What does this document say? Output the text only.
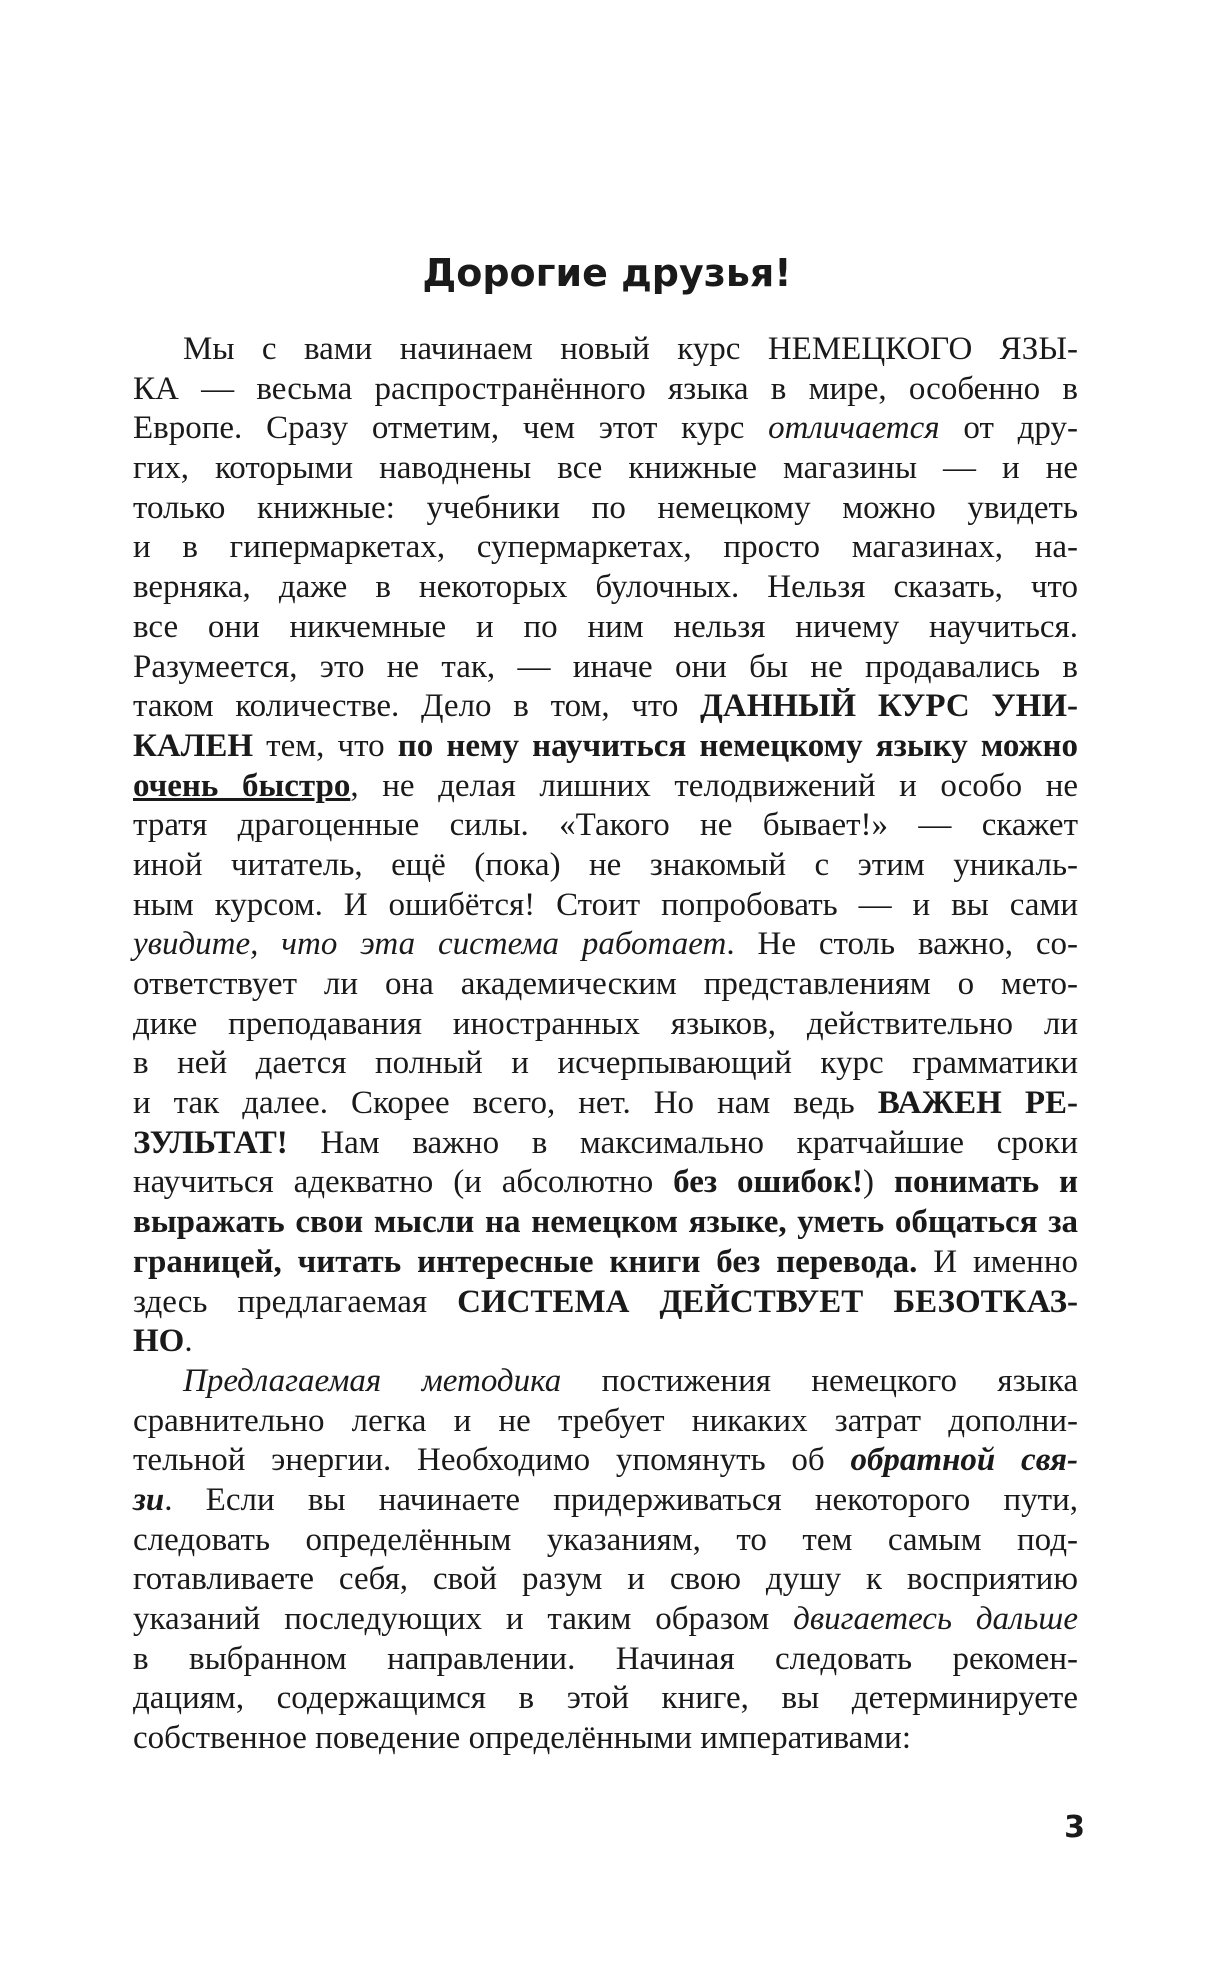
Дорогие друзья!
Мы с вами начинаем новый курс НЕМЕЦКОГО ЯЗЫ-
КА — весьма распространённого языка в мире, особенно в
Европе. Сразу отметим, чем этот курс отличается от дру-
гих, которыми наводнены все книжные магазины — и не
только книжные: учебники по немецкому можно увидеть
и в гипермаркетах, супермаркетах, просто магазинах, на-
верняка, даже в некоторых булочных. Нельзя сказать, что
все они никчемные и по ним нельзя ничему научиться.
Разумеется, это не так, — иначе они бы не продавались в
таком количестве. Дело в том, что ДАННЫЙ КУРС УНИ-
КАЛЕН тем, что по нему научиться немецкому языку можно
очень быстро, не делая лишних телодвижений и особо не
тратя драгоценные силы. «Такого не бывает!» — скажет
иной читатель, ещё (пока) не знакомый с этим уникаль-
ным курсом. И ошибётся! Стоит попробовать — и вы сами
увидите, что эта система работает. Не столь важно, со-
ответствует ли она академическим представлениям о мето-
дике преподавания иностранных языков, действительно ли
в ней дается полный и исчерпывающий курс грамматики
и так далее. Скорее всего, нет. Но нам ведь ВАЖЕН РЕ-
ЗУЛЬТАТ! Нам важно в максимально кратчайшие сроки
научиться адекватно (и абсолютно без ошибок!) понимать и
выражать свои мысли на немецком языке, уметь общаться за
границей, читать интересные книги без перевода. И именно
здесь предлагаемая СИСТЕМА ДЕЙСТВУЕТ БЕЗОТКАЗ-
НО.
Предлагаемая методика постижения немецкого языка
сравнительно легка и не требует никаких затрат дополни-
тельной энергии. Необходимо упомянуть об обратной свя-
зи. Если вы начинаете придерживаться некоторого пути,
следовать определённым указаниям, то тем самым под-
готавливаете себя, свой разум и свою душу к восприятию
указаний последующих и таким образом двигаетесь дальше
в выбранном направлении. Начиная следовать рекомен-
дациям, содержащимся в этой книге, вы детерминируете
собственное поведение определёнными императивами:
3
